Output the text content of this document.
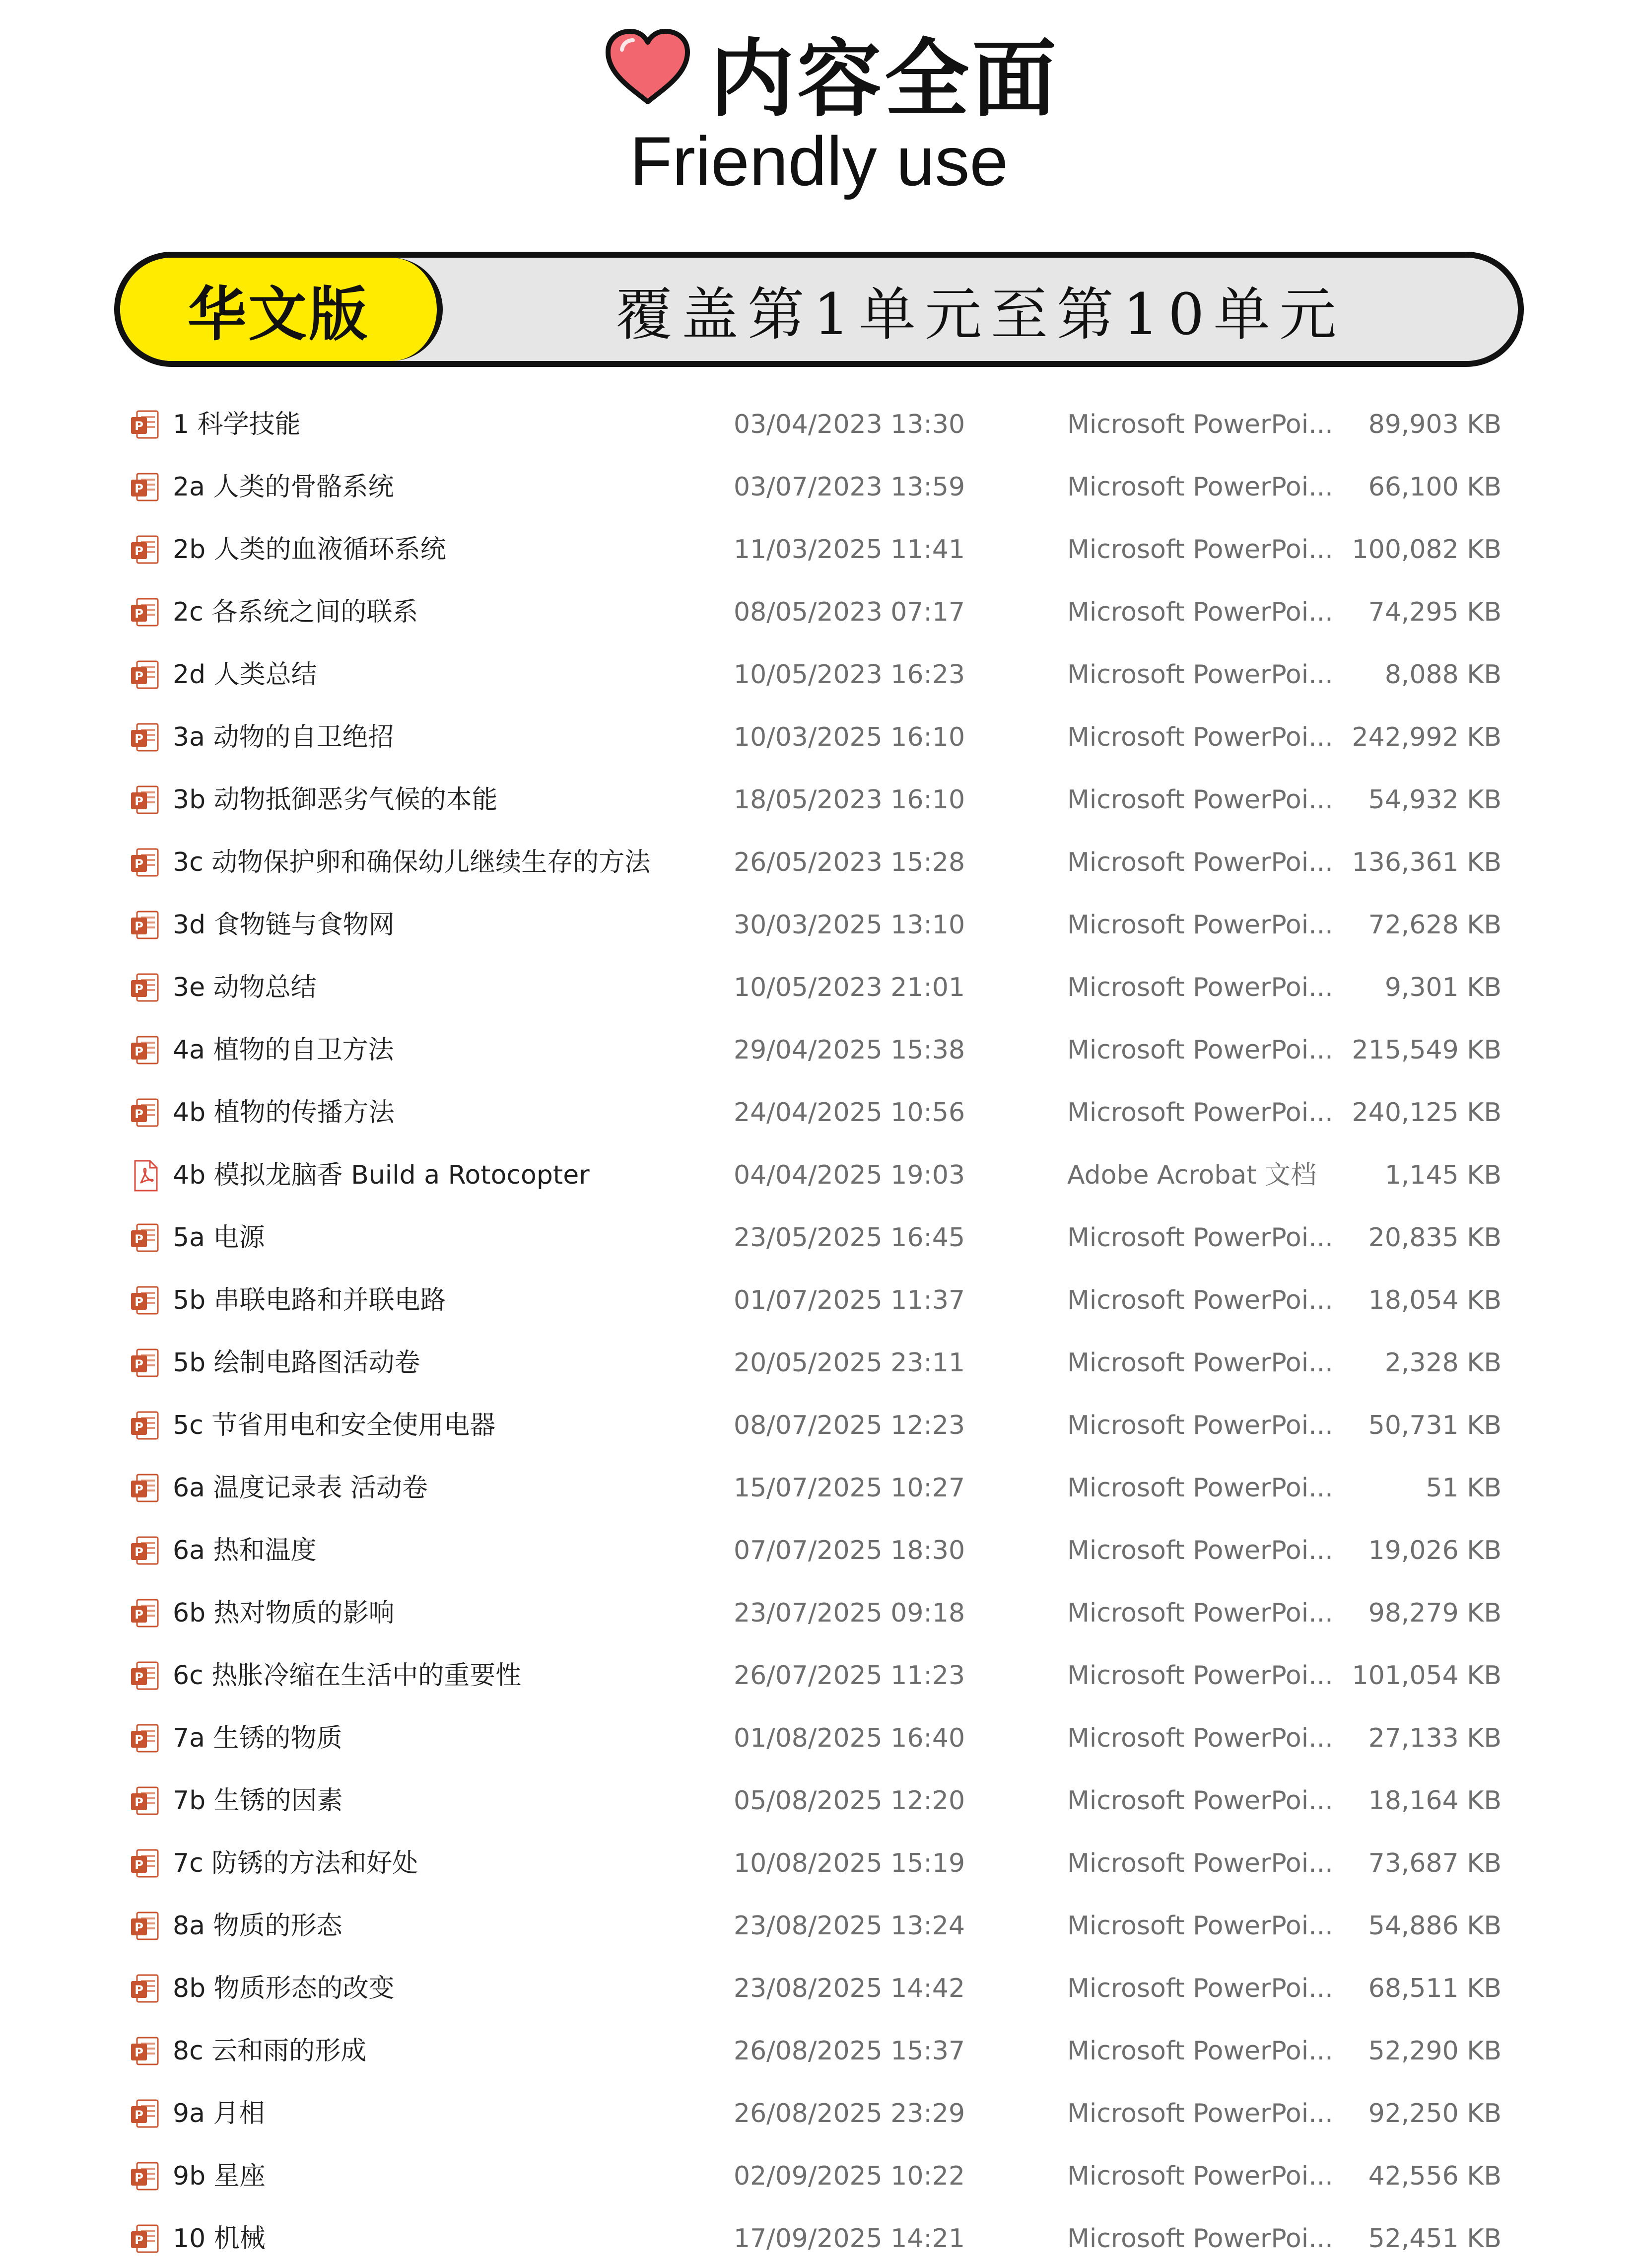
内容全面
Friendly use
华文版	覆盖第1单元至第10单元
1 科学技能	03/04/2023 13:30	Microsoft PowerPoi... 89,903 KB
2a 人类的骨骼系统	03/07/2023 13:59	Microsoft PowerPoi... 66,100 KB
2b 人类的血液循环系统	11/03/2025 11:41	Microsoft PowerPoi... 100,082 KB
2c 各系统之间的联系	08/05/2023 07:17	Microsoft PowerPoi... 74,295 KB
2d 人类总结	10/05/2023 16:23	Microsoft PowerPoi... 8,088 KB
3a 动物的自卫绝招	10/03/2025 16:10	Microsoft PowerPoi... 242,992 KB
3b 动物抵御恶劣气候的本能	18/05/2023 16:10	Microsoft PowerPoi... 54,932 KB
3c 动物保护卵和确保幼儿继续生存的方法	26/05/2023 15:28	Microsoft PowerPoi... 136,361 KB
3d 食物链与食物网	30/03/2025 13:10	Microsoft PowerPoi... 72,628 KB
3e 动物总结	10/05/2023 21:01	Microsoft PowerPoi... 9,301 KB
4a 植物的自卫方法	29/04/2025 15:38	Microsoft PowerPoi... 215,549 KB
4b 植物的传播方法	24/04/2025 10:56	Microsoft PowerPoi... 240,125 KB
4b 模拟龙脑香 Build a Rotocopter	04/04/2025 19:03	Adobe Acrobat 文档	1,145 KB
5a 电源	23/05/2025 16:45	Microsoft PowerPoi... 20,835 KB
5b 串联电路和并联电路	01/07/2025 11:37	Microsoft PowerPoi... 18,054 KB
5b 绘制电路图活动卷	20/05/2025 23:11	Microsoft PowerPoi... 2,328 KB
5c 节省用电和安全使用电器	08/07/2025 12:23	Microsoft PowerPoi... 50,731 KB
6a 温度记录表 活动卷	15/07/2025 10:27	Microsoft PowerPoi...	51 KB
6a 热和温度	07/07/2025 18:30	Microsoft PowerPoi... 19,026 KB
6b 热对物质的影响	23/07/2025 09:18	Microsoft PowerPoi... 98,279 KB
6c 热胀冷缩在生活中的重要性	26/07/2025 11:23	Microsoft PowerPoi... 101,054 KB
7a 生锈的物质	01/08/2025 16:40	Microsoft PowerPoi... 27,133 KB
7b 生锈的因素	05/08/2025 12:20	Microsoft PowerPoi... 18,164 KB
7c 防锈的方法和好处	10/08/2025 15:19	Microsoft PowerPoi... 73,687 KB
8a 物质的形态	23/08/2025 13:24	Microsoft PowerPoi... 54,886 KB
8b 物质形态的改变	23/08/2025 14:42	Microsoft PowerPoi... 68,511 KB
8c 云和雨的形成	26/08/2025 15:37	Microsoft PowerPoi... 52,290 KB
9a 月相	26/08/2025 23:29	Microsoft PowerPoi... 92,250 KB
9b 星座	02/09/2025 10:22	Microsoft PowerPoi... 42,556 KB
10 机械	17/09/2025 14:21	Microsoft PowerPoi... 52,451 KB
